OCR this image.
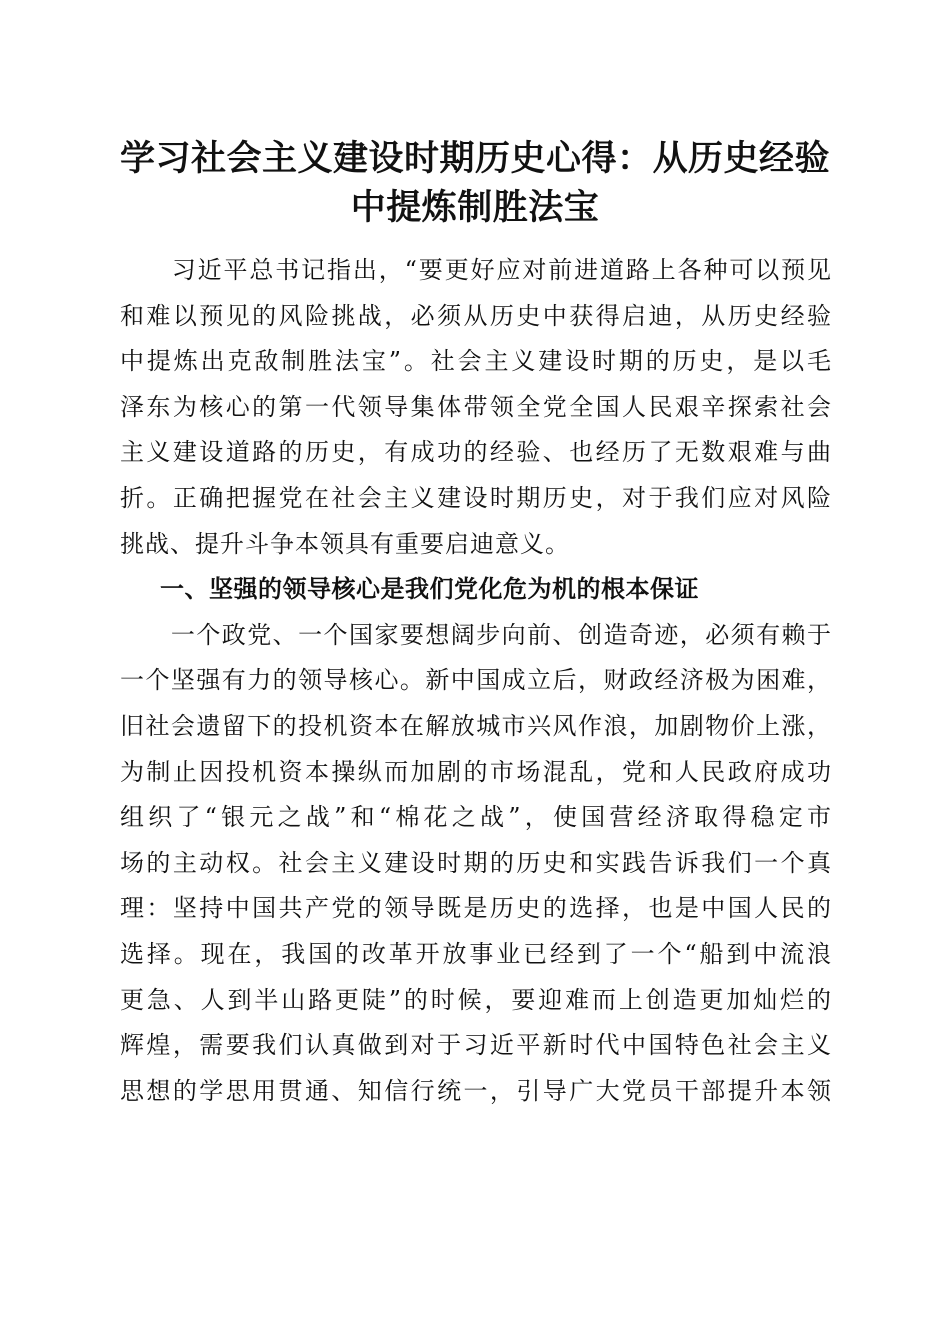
学习社会主义建设时期历史心得：从历史经验
中提炼制胜法宝
　　习近平总书记指出，“要更好应对前进道路上各种可以预见
和难以预见的风险挑战，必须从历史中获得启迪，从历史经验
中提炼出克敌制胜法宝”。社会主义建设时期的历史，是以毛
泽东为核心的第一代领导集体带领全党全国人民艰辛探索社会
主义建设道路的历史，有成功的经验、也经历了无数艰难与曲
折。正确把握党在社会主义建设时期历史，对于我们应对风险
挑战、提升斗争本领具有重要启迪意义。
一、坚强的领导核心是我们党化危为机的根本保证
　　一个政党、一个国家要想阔步向前、创造奇迹，必须有赖于
一个坚强有力的领导核心。新中国成立后，财政经济极为困难，
旧社会遗留下的投机资本在解放城市兴风作浪，加剧物价上涨，
为制止因投机资本操纵而加剧的市场混乱，党和人民政府成功
组织了“银元之战”和“棉花之战”，使国营经济取得稳定市
场的主动权。社会主义建设时期的历史和实践告诉我们一个真
理：坚持中国共产党的领导既是历史的选择，也是中国人民的
选择。现在，我国的改革开放事业已经到了一个“船到中流浪
更急、人到半山路更陡”的时候，要迎难而上创造更加灿烂的
辉煌，需要我们认真做到对于习近平新时代中国特色社会主义
思想的学思用贯通、知信行统一，引导广大党员干部提升本领
